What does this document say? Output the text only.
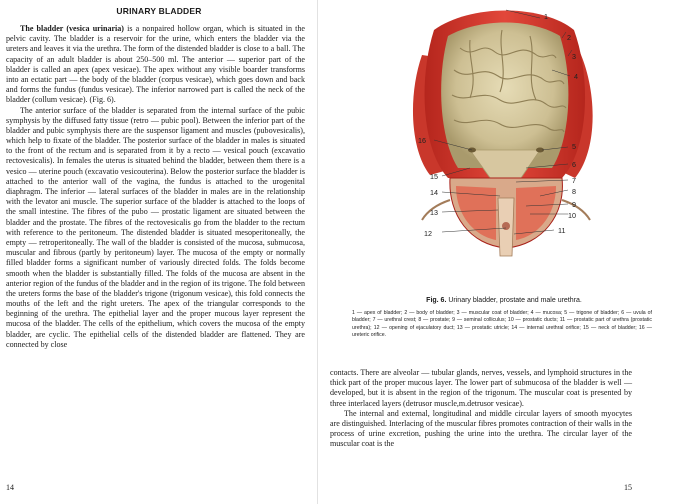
URINARY BLADDER

The bladder (vesica urinaria) is a nonpaired hollow organ, which is situated in the pelvic cavity. The bladder is a reservoir for the urine, which enters the bladder via the ureters and leaves it via the urethra. The form of the distended bladder is close to a ball. The capacity of an adult bladder is about 250–500 ml. The anterior — superior part of the bladder is called an apex (apex vesicae). The apex without any visible boarder transforms into an ectatic part — the body of the bladder (corpus vesicae), which goes down and back and forms the fundus (fundus vesicae). The inferior narrowed part is called the neck of the bladder (collum vesicae). (Fig. 6).

The anterior surface of the bladder is separated from the internal surface of the pubic symphysis by the diffused fatty tissue (retro — pubic pool). Between the inferior part of the bladder and pubic symphysis there are the suspensor ligament and muscles (pubovesicalis), which help to fixate of the bladder. The posterior surface of the bladder in males is situated to the front of the rectum and is separated from it by a recto — vesical pouch (excavatio rectovesicalis). In females the uterus is situated behind the bladder, between them there is a vesico — uterine pouch (excavatio vesicouterina). Below the posterior surface the bladder is attached to the anterior wall of the vagina, the fundus is attached to the urogenital diaphragm. The inferior — lateral surfaces of the bladder in males are in the relationship with the levator ani muscle. The superior surface of the bladder is attached to the loops of the small intestine. The fibres of the pubo — prostatic ligament are situated between the bladder and the prostate. The fibres of the rectovesicalis go from the bladder to the rectum with reference to the peritoneum. The distended bladder is situated mesoperitoneally, the empty — retroperitoneally. The wall of the bladder is consisted of the mucosa, submucosa, muscular and fibrous (partly by peritoneum) layer. The mucosa of the empty or normally filled bladder forms a significant number of variously directed folds. The folds become smooth when the bladder is substantially filled. The folds of the mucosa are absent in the anterior region of the fundus of the bladder and in the region of its trigone. The fold between the ureters forms the base of the bladder's trigone (trigonum vesicae), this fold connects the mouths of the left and the right ureters. The apex of the triangular corresponds to the beginning of the urethra. The epithelial layer and the proper mucous layer represent the mucosa of the bladder. The cells of the epithelium, which covers the mucosa of the empty bladder, are cyclic. The epithelial cells of the distended bladder are flattened. They are connected by close

14
1
2
3
4
5
6
7
8
9
10
11
12
13
14
15
16
Fig. 6. Urinary bladder, prostate and male urethra.
1 — apex of bladder; 2 — body of bladder; 3 — muscular coat of bladder; 4 — mucosa; 5 — trigone of bladder; 6 — uvula of bladder; 7 — urethral crest; 8 — prostate; 9 — seminal colliculus; 10 — prostatic ducts; 11 — prostatic part of urethra (prostatic urethra); 12 — opening of ejaculatory duct; 13 — prostatic utricle; 14 — internal urethral orifice; 15 — neck of bladder; 16 — ureteric orifice.

contacts. There are alveolar — tubular glands, nerves, vessels, and lymphoid structures in the thick part of the proper mucous layer. The lower part of submucosa of the bladder is well — developed, but it is absent in the region of the trigonum. The muscular coat is presented by three interlaced layers (detrusor muscle,m.detrusor vesicae).

The internal and external, longitudinal and middle circular layers of smooth myocytes are distinguished. Interlacing of the muscular fibres promotes contraction of their walls in the process of urine excretion, pushing the urine into the urethra. The circular layer of the muscular coat is the

15
